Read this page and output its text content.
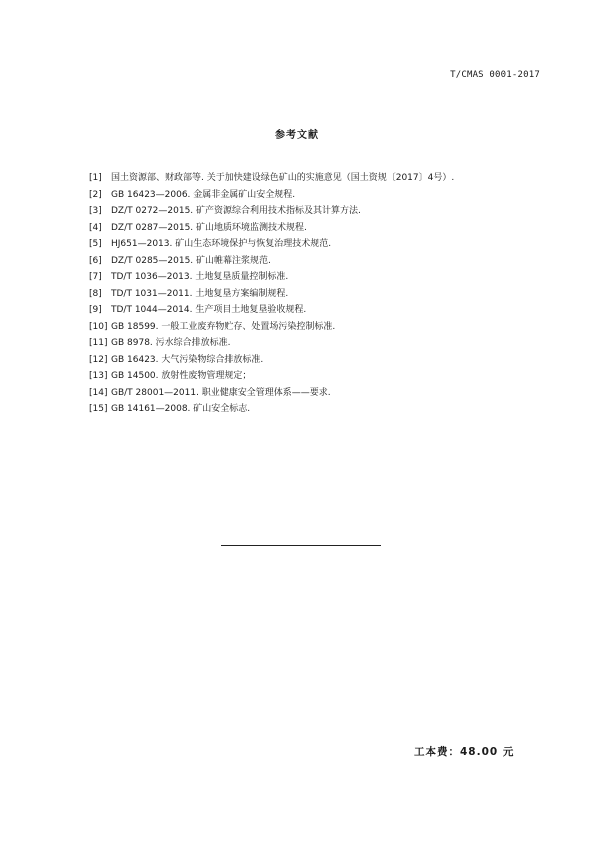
T/CMAS 0001-2017
参考文献
[1]	国土资源部、财政部等. 关于加快建设绿色矿山的实施意见（国土资规〔2017〕4号）.
[2]	GB 16423—2006. 金属非金属矿山安全规程.
[3]	DZ/T 0272—2015. 矿产资源综合利用技术指标及其计算方法.
[4]	DZ/T 0287—2015. 矿山地质环境监测技术规程.
[5]	HJ651—2013. 矿山生态环境保护与恢复治理技术规范.
[6]	DZ/T 0285—2015. 矿山帷幕注浆规范.
[7]	TD/T 1036—2013. 土地复垦质量控制标准.
[8]	TD/T 1031—2011. 土地复垦方案编制规程.
[9]	TD/T 1044—2014. 生产项目土地复垦验收规程.
[10] GB 18599. 一般工业废弃物贮存、处置场污染控制标准.
[11] GB 8978. 污水综合排放标准.
[12] GB 16423. 大气污染物综合排放标准.
[13] GB 14500. 放射性废物管理规定；
[14] GB/T 28001—2011. 职业健康安全管理体系——要求.
[15] GB 14161—2008. 矿山安全标志.
工本费：48.00 元
